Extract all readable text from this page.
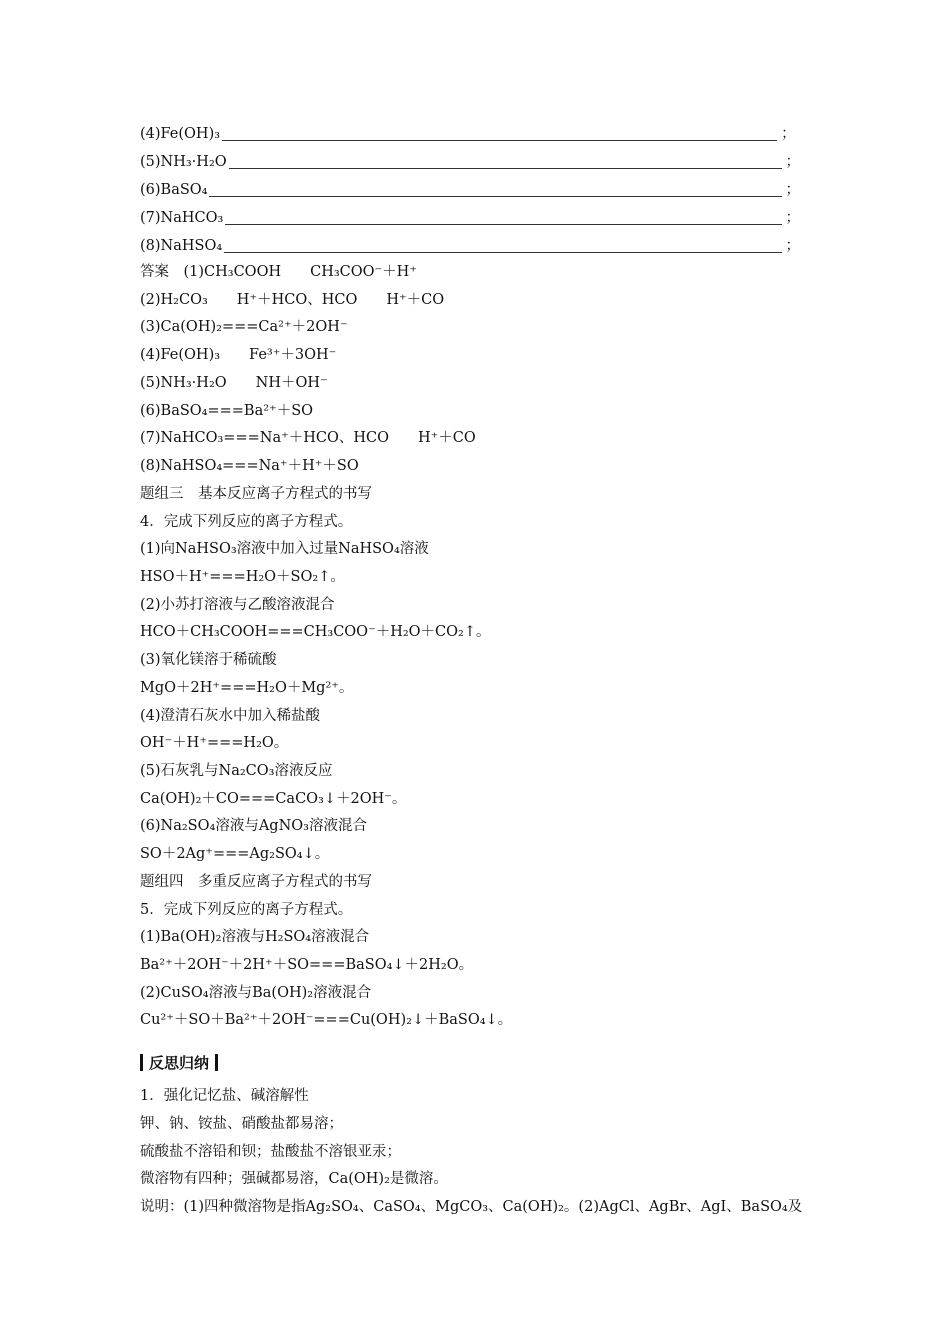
(4)Fe(OH)₃	；
(5)NH₃·H₂O	；
(6)BaSO₄	；
(7)NaHCO₃	；
(8)NaHSO₄	；
答案　(1)CH₃COOH　　CH₃COO⁻＋H⁺
(2)H₂CO₃　　H⁺＋HCO、HCO　　H⁺＋CO
(3)Ca(OH)₂===Ca²⁺＋2OH⁻
(4)Fe(OH)₃　　Fe³⁺＋3OH⁻
(5)NH₃·H₂O　　NH＋OH⁻
(6)BaSO₄===Ba²⁺＋SO
(7)NaHCO₃===Na⁺＋HCO、HCO　　H⁺＋CO
(8)NaHSO₄===Na⁺＋H⁺＋SO
题组三　基本反应离子方程式的书写
4．完成下列反应的离子方程式。
(1)向NaHSO₃溶液中加入过量NaHSO₄溶液
HSO＋H⁺===H₂O＋SO₂↑。
(2)小苏打溶液与乙酸溶液混合
HCO＋CH₃COOH===CH₃COO⁻＋H₂O＋CO₂↑。
(3)氧化镁溶于稀硫酸
MgO＋2H⁺===H₂O＋Mg²⁺。
(4)澄清石灰水中加入稀盐酸
OH⁻＋H⁺===H₂O。
(5)石灰乳与Na₂CO₃溶液反应
Ca(OH)₂＋CO===CaCO₃↓＋2OH⁻。
(6)Na₂SO₄溶液与AgNO₃溶液混合
SO＋2Ag⁺===Ag₂SO₄↓。
题组四　多重反应离子方程式的书写
5．完成下列反应的离子方程式。
(1)Ba(OH)₂溶液与H₂SO₄溶液混合
Ba²⁺＋2OH⁻＋2H⁺＋SO===BaSO₄↓＋2H₂O。
(2)CuSO₄溶液与Ba(OH)₂溶液混合
Cu²⁺＋SO＋Ba²⁺＋2OH⁻===Cu(OH)₂↓＋BaSO₄↓。
反思归纳
1．强化记忆盐、碱溶解性
钾、钠、铵盐、硝酸盐都易溶；
硫酸盐不溶铅和钡；盐酸盐不溶银亚汞；
微溶物有四种；强碱都易溶，Ca(OH)₂是微溶。
说明：(1)四种微溶物是指Ag₂SO₄、CaSO₄、MgCO₃、Ca(OH)₂。(2)AgCl、AgBr、AgI、BaSO₄及
